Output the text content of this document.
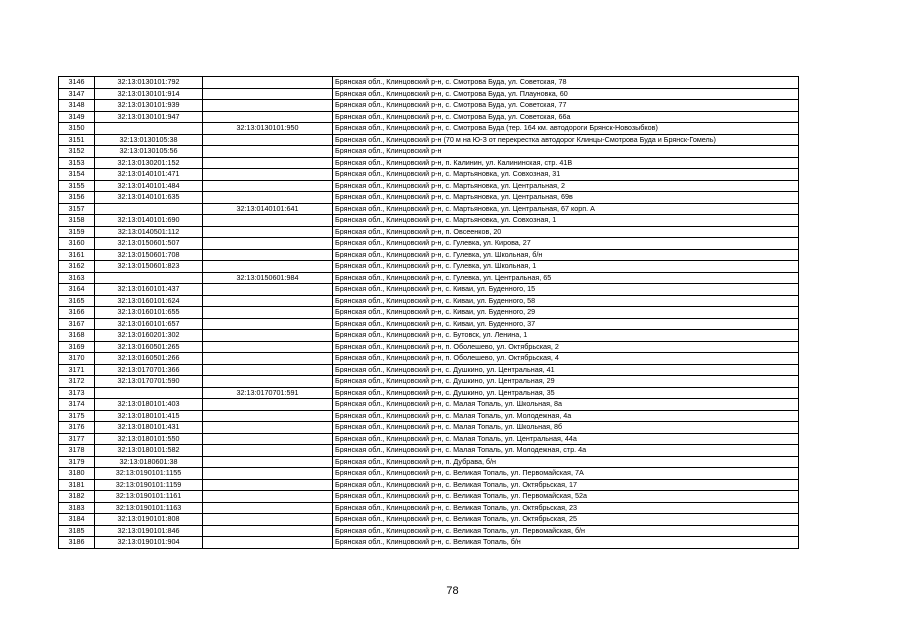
3146	32:13:0130101:792		Брянская обл., Клинцовский р-н, с. Смотрова Буда, ул. Советская, 78
3147	32:13:0130101:914		Брянская обл., Клинцовский р-н, с. Смотрова Буда, ул. Плауновка, 60
3148	32:13:0130101:939		Брянская обл., Клинцовский р-н, с. Смотрова Буда, ул. Советская, 77
3149	32:13:0130101:947		Брянская обл., Клинцовский р-н, с. Смотрова Буда, ул. Советская, 66а
3150		32:13:0130101:950	Брянская обл., Клинцовский р-н, с. Смотрова Буда (тер. 164 км. автодороги Брянск-Новозыбков)
3151	32:13:0130105:38		Брянская обл., Клинцовский р-н (70 м на Ю-З от перекрестка автодорог Клинцы-Смотрова Буда и Брянск-Гомель)
3152	32:13:0130105:56		Брянская обл., Клинцовский р-н
3153	32:13:0130201:152		Брянская обл., Клинцовский р-н, п. Калинин, ул. Калининская, стр. 41В
3154	32:13:0140101:471		Брянская обл., Клинцовский р-н, с. Мартьяновка, ул. Совхозная, 31
3155	32:13:0140101:484		Брянская обл., Клинцовский р-н, с. Мартьяновка, ул. Центральная, 2
3156	32:13:0140101:635		Брянская обл., Клинцовский р-н, с. Мартьяновка, ул. Центральная, 69в
3157		32:13:0140101:641	Брянская обл., Клинцовский р-н, с. Мартьяновка, ул. Центральная, 67 корп. А
3158	32:13:0140101:690		Брянская обл., Клинцовский р-н, с. Мартьяновка, ул. Совхозная, 1
3159	32:13:0140501:112		Брянская обл., Клинцовский р-н, п. Овсеенков, 20
3160	32:13:0150601:507		Брянская обл., Клинцовский р-н, с. Гулевка, ул. Кирова, 27
3161	32:13:0150601:708		Брянская обл., Клинцовский р-н, с. Гулевка, ул. Школьная, б/н
3162	32:13:0150601:823		Брянская обл., Клинцовский р-н, с. Гулевка, ул. Школьная, 1
3163		32:13:0150601:984	Брянская обл., Клинцовский р-н, с. Гулевка, ул. Центральная, 65
3164	32:13:0160101:437		Брянская обл., Клинцовский р-н, с. Киваи, ул. Буденного, 15
3165	32:13:0160101:624		Брянская обл., Клинцовский р-н, с. Киваи, ул. Буденного, 58
3166	32:13:0160101:655		Брянская обл., Клинцовский р-н, с. Киваи, ул. Буденного, 29
3167	32:13:0160101:657		Брянская обл., Клинцовский р-н, с. Киваи, ул. Буденного, 37
3168	32:13:0160201:302		Брянская обл., Клинцовский р-н, с. Бутовск, ул. Ленина, 1
3169	32:13:0160501:265		Брянская обл., Клинцовский р-н, п. Оболешево, ул. Октябрьская, 2
3170	32:13:0160501:266		Брянская обл., Клинцовский р-н, п. Оболешево, ул. Октябрьская, 4
3171	32:13:0170701:366		Брянская обл., Клинцовский р-н, с. Душкино, ул. Центральная, 41
3172	32:13:0170701:590		Брянская обл., Клинцовский р-н, с. Душкино, ул. Центральная, 29
3173		32:13:0170701:591	Брянская обл., Клинцовский р-н, с. Душкино, ул. Центральная, 35
3174	32:13:0180101:403		Брянская обл., Клинцовский р-н, с. Малая Топаль, ул. Школьная, 8а
3175	32:13:0180101:415		Брянская обл., Клинцовский р-н, с. Малая Топаль, ул. Молодежная, 4а
3176	32:13:0180101:431		Брянская обл., Клинцовский р-н, с. Малая Топаль, ул. Школьная, 8б
3177	32:13:0180101:550		Брянская обл., Клинцовский р-н, с. Малая Топаль, ул. Центральная, 44а
3178	32:13:0180101:582		Брянская обл., Клинцовский р-н, с. Малая Топаль, ул. Молодежная, стр. 4а
3179	32:13:0180601:38		Брянская обл., Клинцовский р-н, п. Дубрава, б/н
3180	32:13:0190101:1155		Брянская обл., Клинцовский р-н, с. Великая Топаль, ул. Первомайская, 7А
3181	32:13:0190101:1159		Брянская обл., Клинцовский р-н, с. Великая Топаль, ул. Октябрьская, 17
3182	32:13:0190101:1161		Брянская обл., Клинцовский р-н, с. Великая Топаль, ул. Первомайская, 52а
3183	32:13:0190101:1163		Брянская обл., Клинцовский р-н, с. Великая Топаль, ул. Октябрьская, 23
3184	32:13:0190101:808		Брянская обл., Клинцовский р-н, с. Великая Топаль, ул. Октябрьская, 25
3185	32:13:0190101:846		Брянская обл., Клинцовский р-н, с. Великая Топаль, ул. Первомайская, б/н
3186	32:13:0190101:904		Брянская обл., Клинцовский р-н, с. Великая Топаль, б/н
78
